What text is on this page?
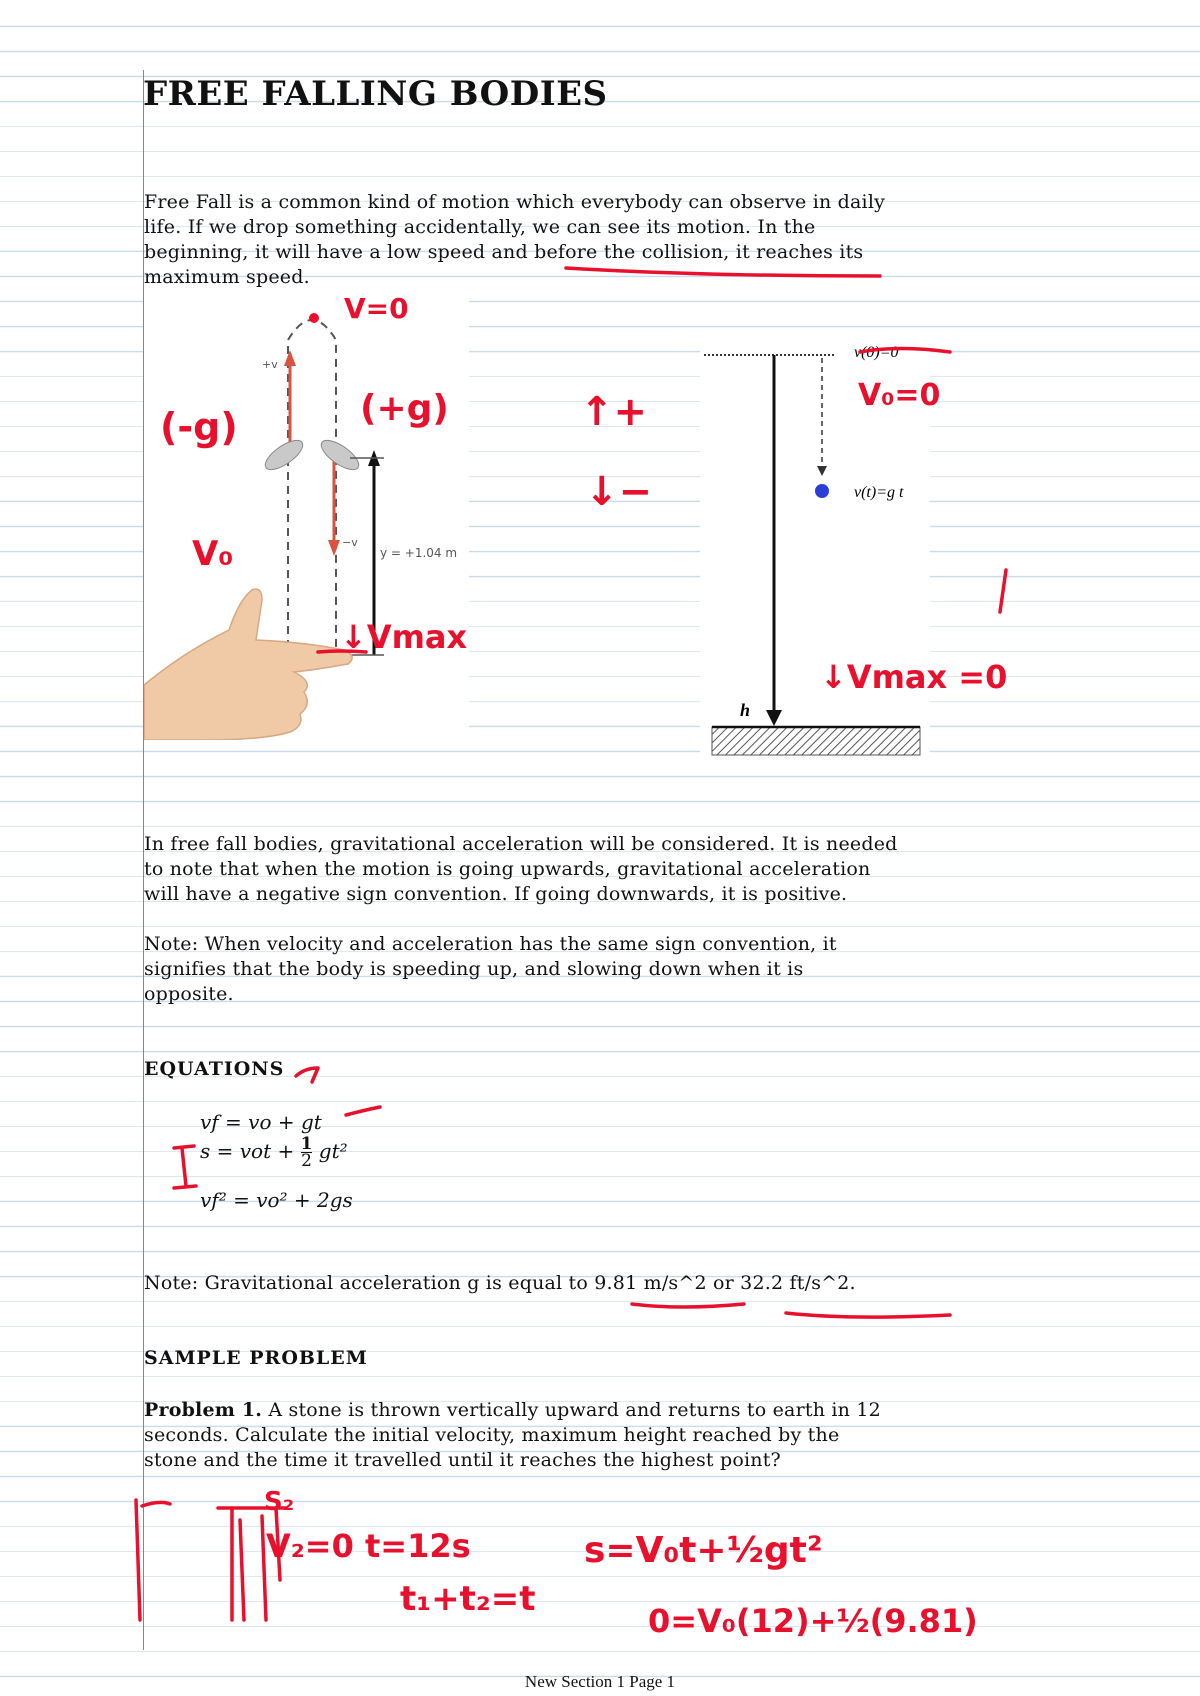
FREE FALLING BODIES
Free Fall is a common kind of motion which everybody can observe in daily
life. If we drop something accidentally, we can see its motion. In the
beginning, it will have a low speed and before the collision, it reaches its
maximum speed.
+v
−v
y = +1.04 m
v(0)=0
v(t)=g t
h
In free fall bodies, gravitational acceleration will be considered. It is needed
to note that when the motion is going upwards, gravitational acceleration
will have a negative sign convention. If going downwards, it is positive.
Note: When velocity and acceleration has the same sign convention, it
signifies that the body is speeding up, and slowing down when it is
opposite.
EQUATIONS
vf = vo + gt
s = vot + $\frac{1}{2} gt^2$
vf² = vo² + 2gs
Note: Gravitational acceleration g is equal to 9.81 m/s^2 or 32.2 ft/s^2.
SAMPLE PROBLEM
Problem 1. A stone is thrown vertically upward and returns to earth in 12
seconds. Calculate the initial velocity, maximum height reached by the
stone and the time it travelled until it reaches the highest point?
V=0
(-g)	(+g)
V₀
↓Vmax
↑+
↓−
V₀=0
↓Vmax =0
|
V₂=0 t=12s
t₁+t₂=t
s=V₀t+½gt²
0=V₀(12)+½(9.81)
S₂
New Section 1 Page 1
